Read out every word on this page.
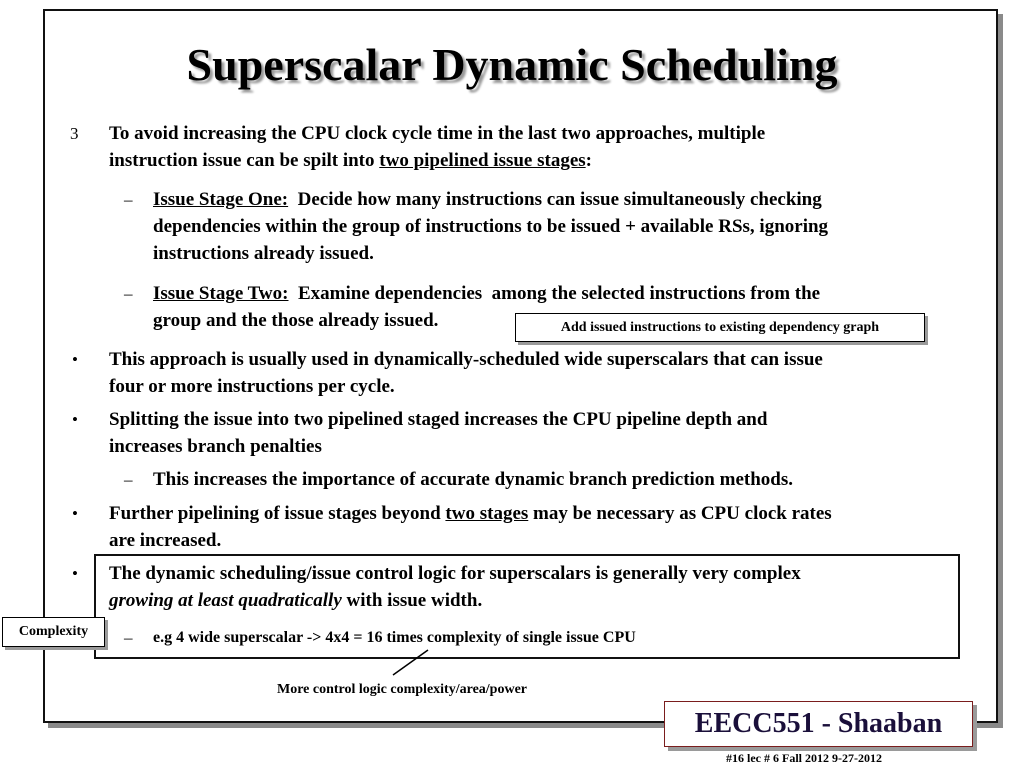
Superscalar Dynamic Scheduling
3 To avoid increasing the CPU clock cycle time in the last two approaches, multiple
instruction issue can be spilt into two pipelined issue stages:
– Issue Stage One:  Decide how many instructions can issue simultaneously checking
dependencies within the group of instructions to be issued + available RSs, ignoring
instructions already issued.
– Issue Stage Two:  Examine dependencies  among the selected instructions from the
group and the those already issued.	Add issued instructions to existing dependency graph
• This approach is usually used in dynamically-scheduled wide superscalars that can issue
four or more instructions per cycle.
• Splitting the issue into two pipelined staged increases the CPU pipeline depth and
increases branch penalties
– This increases the importance of accurate dynamic branch prediction methods.
• Further pipelining of issue stages beyond two stages may be necessary as CPU clock rates
are increased.
• The dynamic scheduling/issue control logic for superscalars is generally very complex
growing at least quadratically with issue width.
– e.g 4 wide superscalar -> 4x4 = 16 times complexity of single issue CPU
Complexity
More control logic complexity/area/power
EECC551 - Shaaban
#16 lec # 6 Fall 2012 9-27-2012
